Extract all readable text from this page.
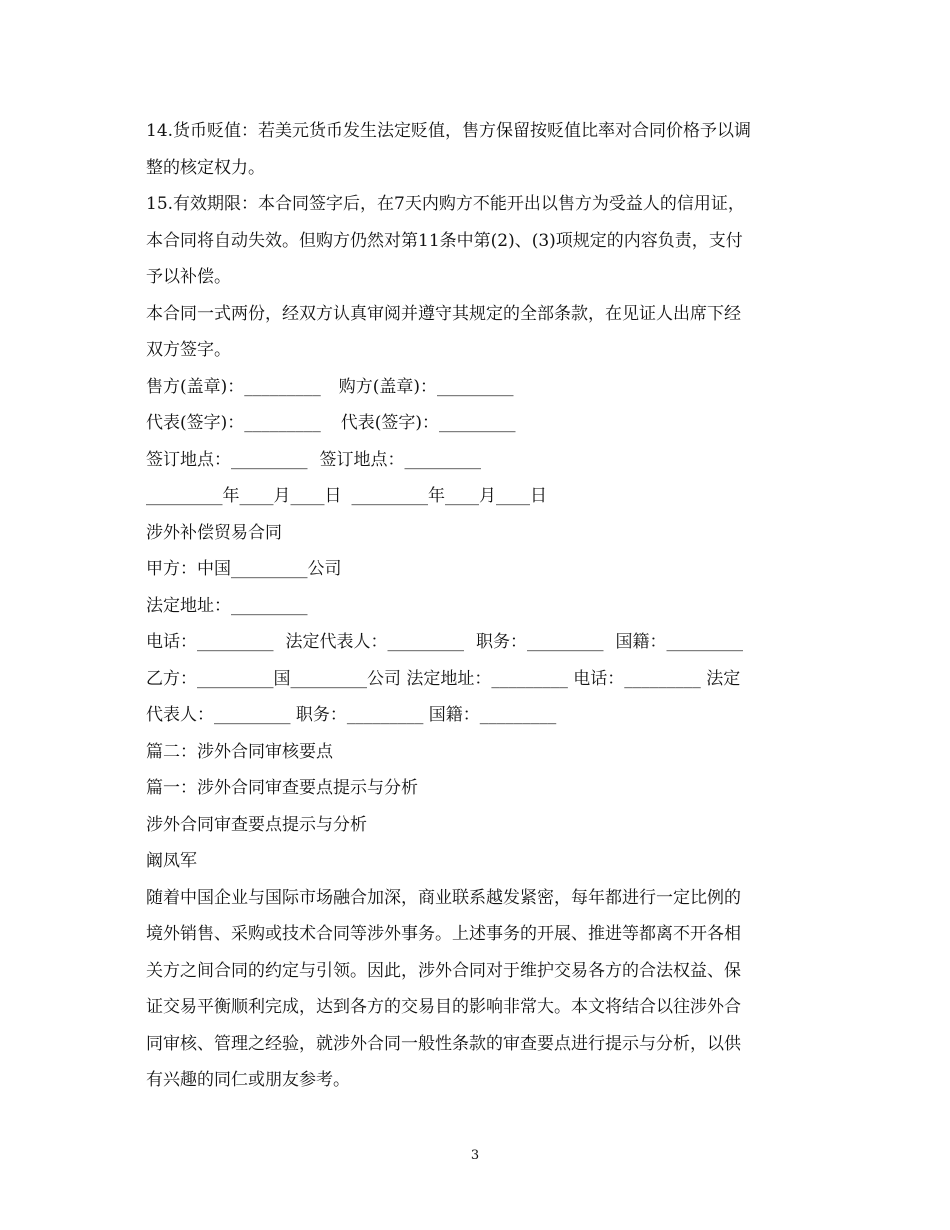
14.货币贬值：若美元货币发生法定贬值，售方保留按贬值比率对合同价格予以调
整的核定权力。
15.有效期限：本合同签字后，在7天内购方不能开出以售方为受益人的信用证，
本合同将自动失效。但购方仍然对第11条中第(2)、(3)项规定的内容负责，支付
予以补偿。
本合同一式两份，经双方认真审阅并遵守其规定的全部条款，在见证人出席下经
双方签字。
售方(盖章)：_________ 购方(盖章)：_________
代表(签字)：_________ 代表(签字)：_________
签订地点：_________ 签订地点：_________
_________年____月____日 _________年____月____日
涉外补偿贸易合同
甲方：中国_________公司
法定地址：_________
电话：_________ 法定代表人：_________ 职务：_________ 国籍：_________
乙方：_________国_________公司 法定地址：_________ 电话：_________ 法定
代表人：_________ 职务：_________ 国籍：_________
篇二：涉外合同审核要点
篇一：涉外合同审查要点提示与分析
涉外合同审查要点提示与分析
阚凤军
随着中国企业与国际市场融合加深，商业联系越发紧密，每年都进行一定比例的
境外销售、采购或技术合同等涉外事务。上述事务的开展、推进等都离不开各相
关方之间合同的约定与引领。因此，涉外合同对于维护交易各方的合法权益、保
证交易平衡顺利完成，达到各方的交易目的影响非常大。本文将结合以往涉外合
同审核、管理之经验，就涉外合同一般性条款的审查要点进行提示与分析，以供
有兴趣的同仁或朋友参考。
3
